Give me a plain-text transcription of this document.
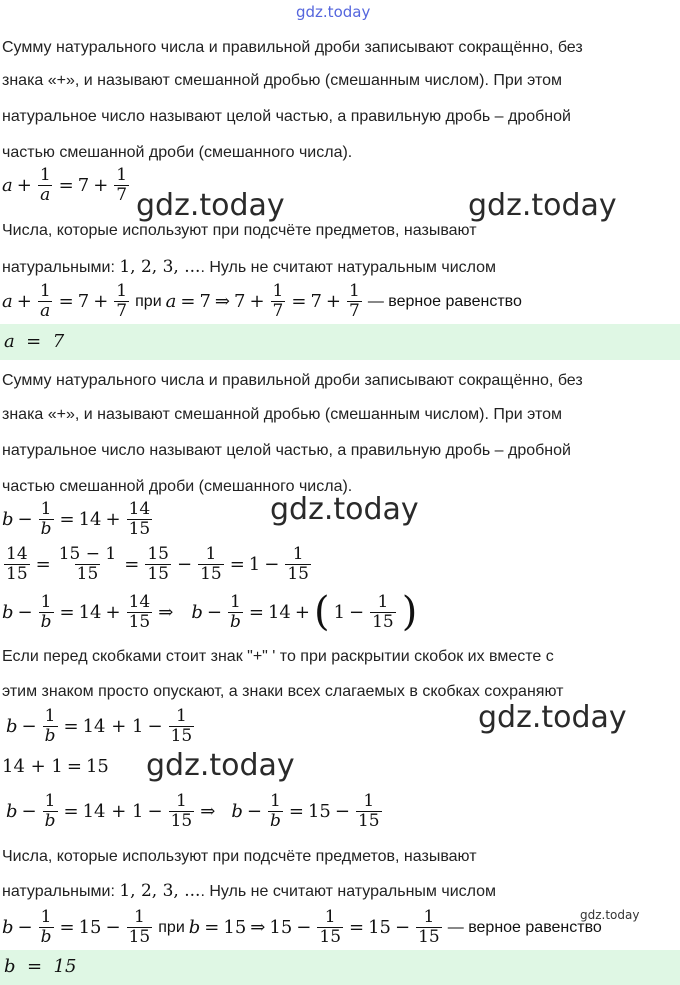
gdz.today
Сумму натурального числа и правильной дроби записывают сокращённо, без
знака «+», и называют смешанной дробью (смешанным числом). При этом
натуральное число называют целой частью, а правильную дробь – дробной
частью смешанной дроби (смешанного числа).
$a + \frac{1}{a} = 7 + \frac{1}{7}$
gdz.today	gdz.today
Числа, которые используют при подсчёте предметов, называют
натуральными: 1, 2, 3, .... Нуль не считают натуральным числом
$a + \frac{1}{a} = 7 + \frac{1}{7}$ при a = 7 ⇒ $7 + \frac{1}{7} = 7 + \frac{1}{7}$ — верное равенство
a  =  7
Сумму натурального числа и правильной дроби записывают сокращённо, без
знака «+», и называют смешанной дробью (смешанным числом). При этом
натуральное число называют целой частью, а правильную дробь – дробной
частью смешанной дроби (смешанного числа).
$b - \frac{1}{b} = 14 + \frac{14}{15}$	gdz.today
$\frac{14}{15} = \frac{15 - 1}{15} = \frac{15}{15} - \frac{1}{15} = 1 - \frac{1}{15}$
$b - \frac{1}{b} = 14 + \frac{14}{15}$ ⇒ $b - \frac{1}{b} = 14$ + ( $1 - \frac{1}{15}$ )
Если перед скобками стоит знак "+" ' то при раскрытии скобок их вместе с
этим знаком просто опускают, а знаки всех слагаемых в скобках сохраняют
$b - \frac{1}{b} = 14 + 1 - \frac{1}{15}$	gdz.today
14 + 1 = 15 gdz.today
$b - \frac{1}{b} = 14 + 1 - \frac{1}{15}$ ⇒ $b - \frac{1}{b} = 15 - \frac{1}{15}$
Числа, которые используют при подсчёте предметов, называют
натуральными: 1, 2, 3, .... Нуль не считают натуральным числом
gdz.today
$b - \frac{1}{b} = 15 - \frac{1}{15}$ при b = 15 ⇒ $15 - \frac{1}{15} = 15 - \frac{1}{15}$ — верное равенство
b  =  15
